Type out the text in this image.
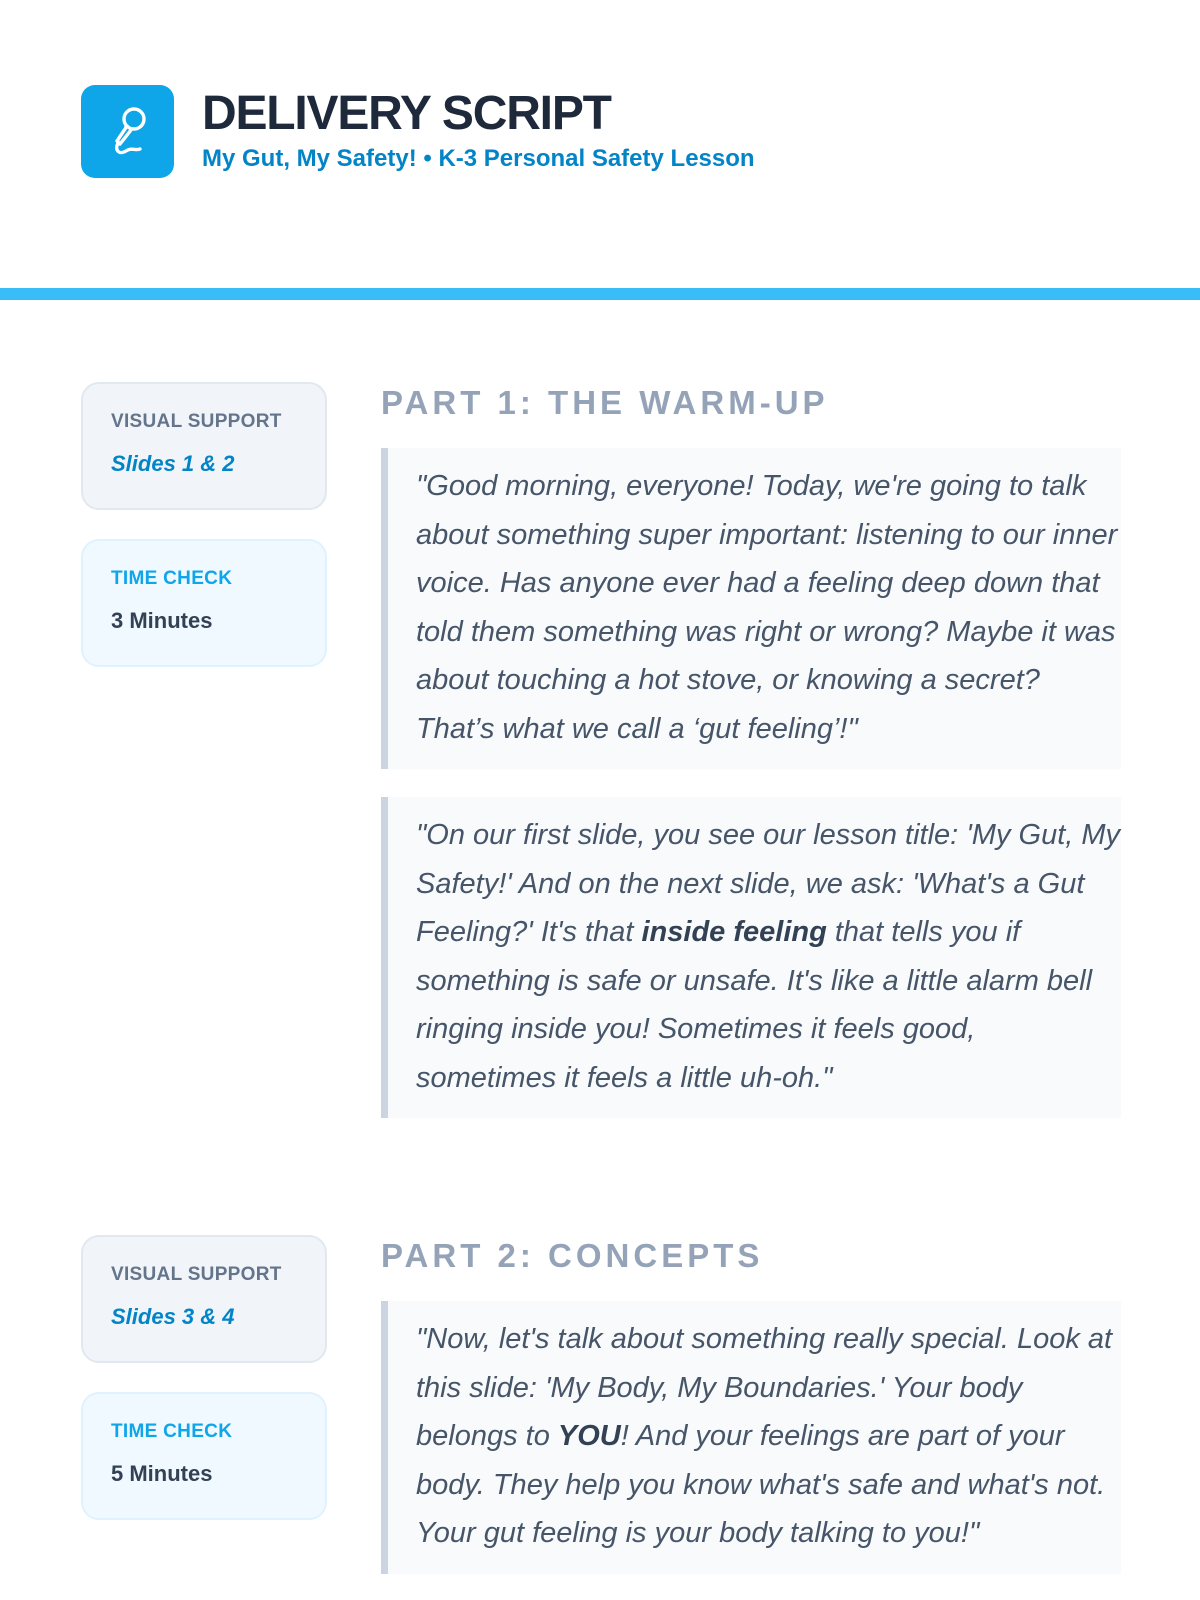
DELIVERY SCRIPT
My Gut, My Safety! • K-3 Personal Safety Lesson
VISUAL SUPPORT
Slides 1 & 2
TIME CHECK
3 Minutes
PART 1: THE WARM-UP
"Good morning, everyone! Today, we're going to talk about something super important: listening to our inner voice. Has anyone ever had a feeling deep down that told them something was right or wrong? Maybe it was about touching a hot stove, or knowing a secret? That’s what we call a ‘gut feeling’!"
"On our first slide, you see our lesson title: 'My Gut, My Safety!' And on the next slide, we ask: 'What's a Gut Feeling?' It's that inside feeling that tells you if something is safe or unsafe. It's like a little alarm bell ringing inside you! Sometimes it feels good, sometimes it feels a little uh-oh."
VISUAL SUPPORT
Slides 3 & 4
TIME CHECK
5 Minutes
PART 2: CONCEPTS
"Now, let's talk about something really special. Look at this slide: 'My Body, My Boundaries.' Your body belongs to YOU! And your feelings are part of your body. They help you know what's safe and what's not. Your gut feeling is your body talking to you!"
